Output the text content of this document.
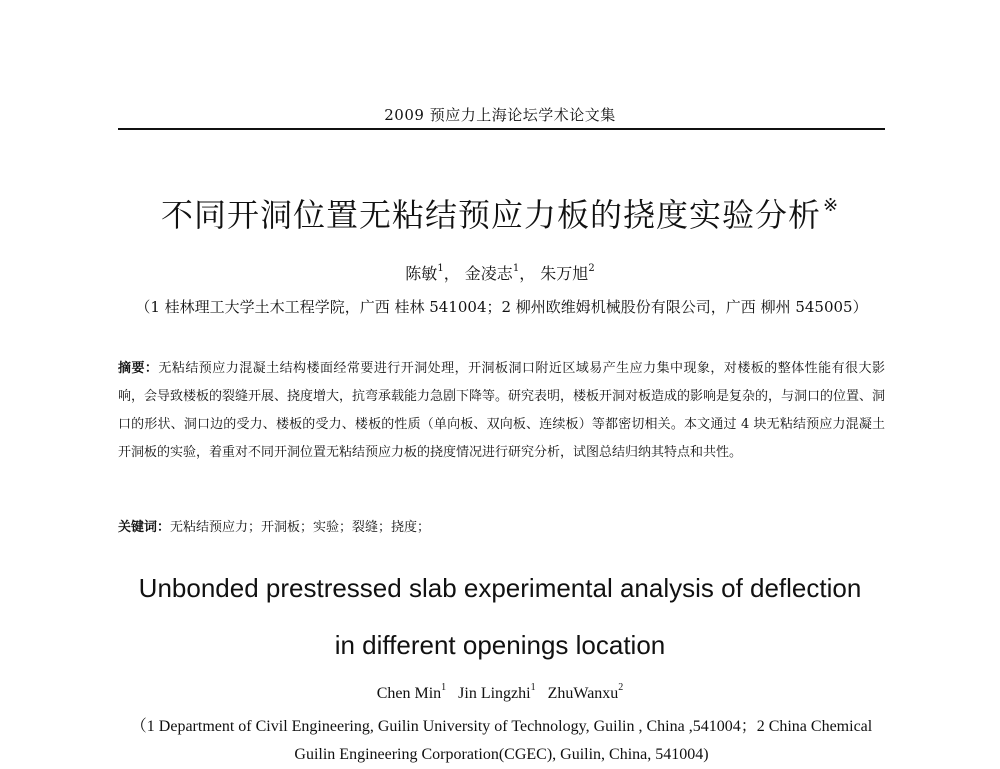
2009 预应力上海论坛学术论文集
不同开洞位置无粘结预应力板的挠度实验分析 ※
陈敏$^1$， 金凌志$^1$， 朱万旭$^2$
（1 桂林理工大学土木工程学院，广西 桂林 541004；2 柳州欧维姆机械股份有限公司，广西 柳州 545005）
摘要：无粘结预应力混凝土结构楼面经常要进行开洞处理，开洞板洞口附近区域易产生应力集中现象，对楼板的整体性能有很大影响，会导致楼板的裂缝开展、挠度增大，抗弯承载能力急剧下降等。研究表明，楼板开洞对板造成的影响是复杂的，与洞口的位置、洞口的形状、洞口边的受力、楼板的受力、楼板的性质（单向板、双向板、连续板）等都密切相关。本文通过 4 块无粘结预应力混凝土开洞板的实验，着重对不同开洞位置无粘结预应力板的挠度情况进行研究分析，试图总结归纳其特点和共性。
关键词：无粘结预应力；开洞板；实验；裂缝；挠度；
Unbonded prestressed slab experimental analysis of deflection
in different openings location
Chen Min$^1$ Jin Lingzhi$^1$ ZhuWanxu$^2$
（1 Department of Civil Engineering, Guilin University of Technology, Guilin , China ,541004；2 China Chemical Guilin Engineering Corporation(CGEC), Guilin, China, 541004)
